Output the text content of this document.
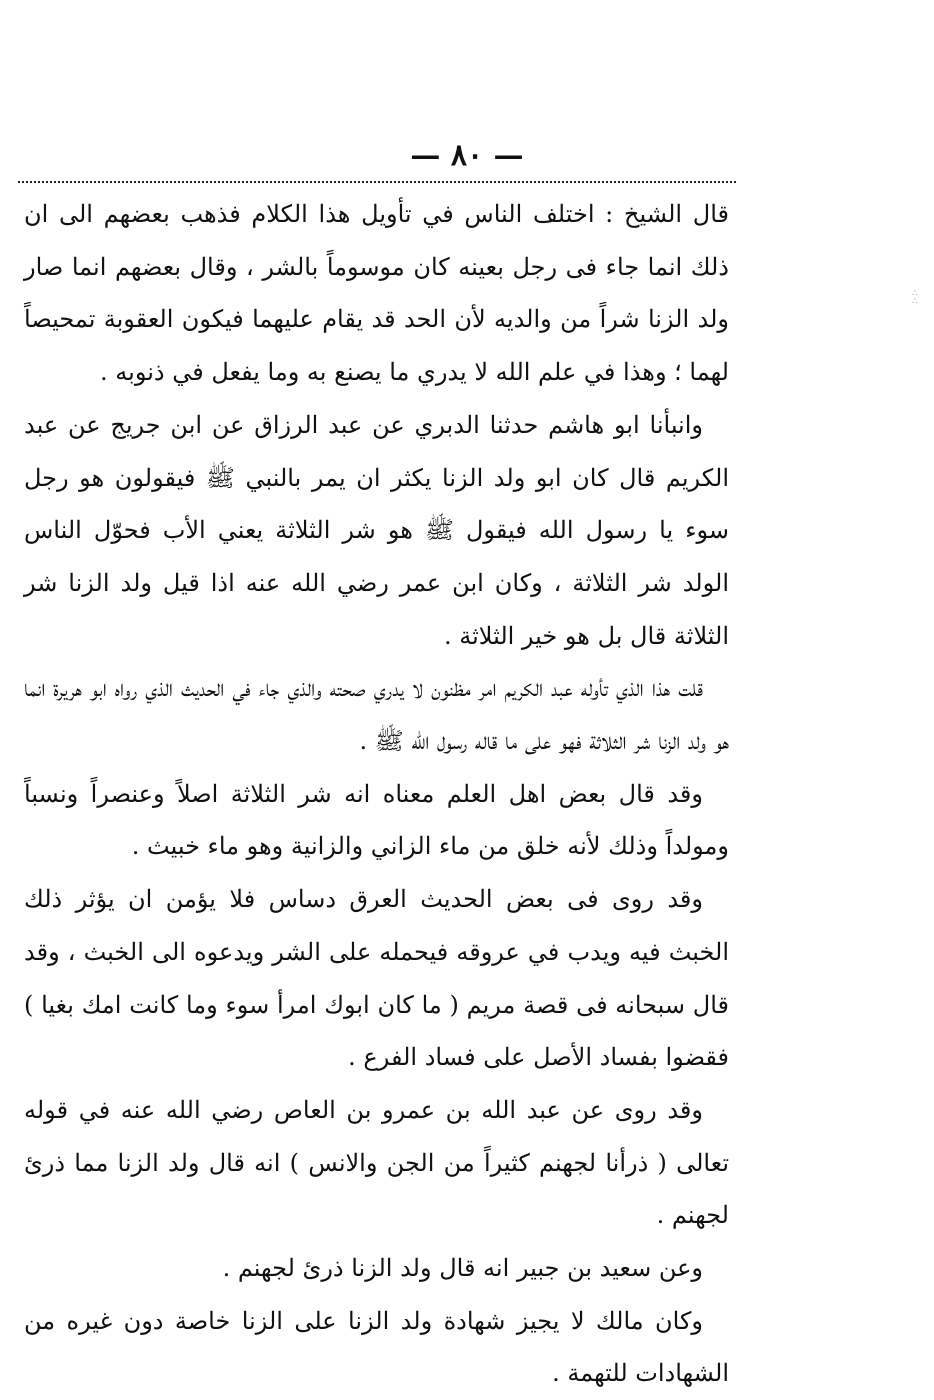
— ٨٠ —
∴
∴

قال الشيخ : اختلف الناس في تأويل هذا الكلام فذهب بعضهم الى ان ذلك انما جاء فى رجل بعينه كان موسوماً بالشر ، وقال بعضهم انما صار ولد الزنا شراً من والديه لأن الحد قد يقام عليهما فيكون العقوبة تمحيصاً لهما ؛ وهذا في علم الله لا يدري ما يصنع به وما يفعل في ذنوبه .

وانبأنا ابو هاشم حدثنا الدبري عن عبد الرزاق عن ابن جريج عن عبد الكريم قال كان ابو ولد الزنا يكثر ان يمر بالنبي ﷺ فيقولون هو رجل سوء يا رسول الله فيقول ﷺ هو شر الثلاثة يعني الأب فحوّل الناس الولد شر الثلاثة ، وكان ابن عمر رضي الله عنه اذا قيل ولد الزنا شر الثلاثة قال بل هو خير الثلاثة .

قلت هذا الذي تأوله عبد الكريم امر مظنون لا يدري صحته والذي جاء في الحديث الذي رواه ابو هريرة انما هو ولد الزنا شر الثلاثة فهو على ما قاله رسول الله ﷺ .

وقد قال بعض اهل العلم معناه انه شر الثلاثة اصلاً وعنصراً ونسباً ومولداً وذلك لأنه خلق من ماء الزاني والزانية وهو ماء خبيث .

وقد روى فى بعض الحديث العرق دساس فلا يؤمن ان يؤثر ذلك الخبث فيه ويدب في عروقه فيحمله على الشر ويدعوه الى الخبث ، وقد قال سبحانه فى قصة مريم ( ما كان ابوك امرأ سوء وما كانت امك بغيا ) فقضوا بفساد الأصل على فساد الفرع .

وقد روى عن عبد الله بن عمرو بن العاص رضي الله عنه في قوله تعالى ( ذرأنا لجهنم كثيراً من الجن والانس ) انه قال ولد الزنا مما ذرئ لجهنم .

وعن سعيد بن جبير انه قال ولد الزنا ذرئ لجهنم .

وكان مالك لا يجيز شهادة ولد الزنا على الزنا خاصة دون غيره من الشهادات للتهمة .
